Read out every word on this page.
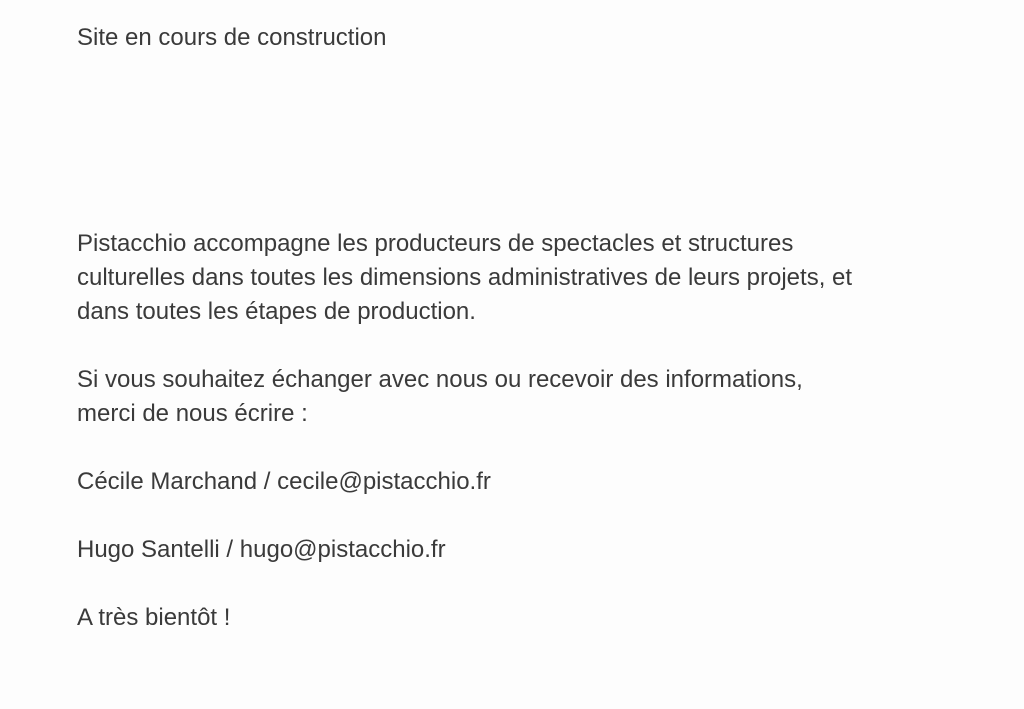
Site en cours de construction

Pistacchio accompagne les producteurs de spectacles et structures
culturelles dans toutes les dimensions administratives de leurs projets, et
dans toutes les étapes de production.

Si vous souhaitez échanger avec nous ou recevoir des informations,
merci de nous écrire :

Cécile Marchand / cecile@pistacchio.fr

Hugo Santelli / hugo@pistacchio.fr

A très bientôt !
